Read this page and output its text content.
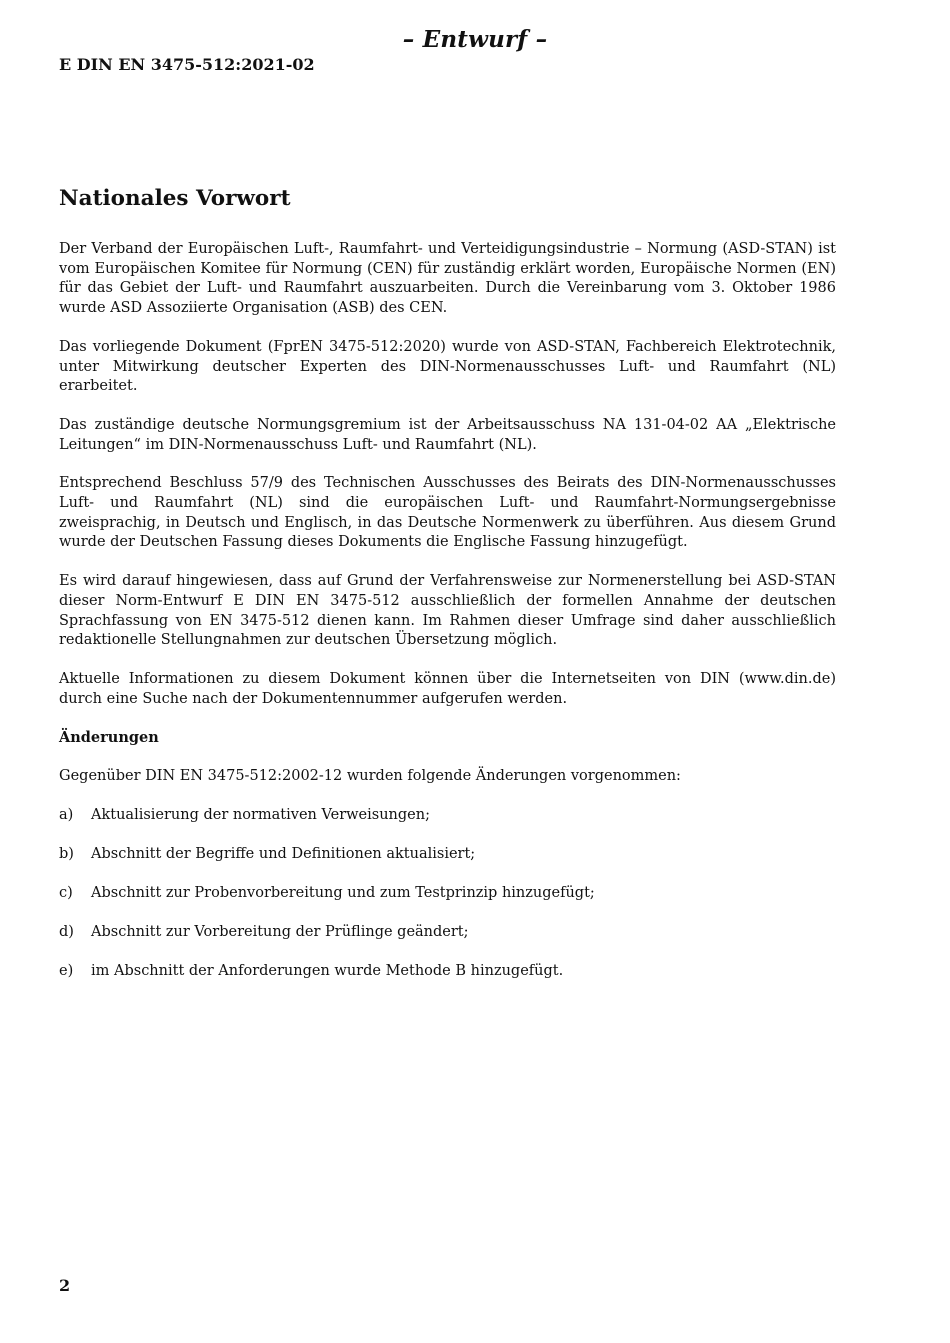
– Entwurf –
E DIN EN 3475-512:2021-02
Nationales Vorwort

Der Verband der Europäischen Luft-, Raumfahrt- und Verteidigungsindustrie – Normung (ASD-STAN) ist vom Europäischen Komitee für Normung (CEN) für zuständig erklärt worden, Europäische Normen (EN) für das Gebiet der Luft- und Raumfahrt auszuarbeiten. Durch die Vereinbarung vom 3. Oktober 1986 wurde ASD Assoziierte Organisation (ASB) des CEN.

Das vorliegende Dokument (FprEN 3475-512:2020) wurde von ASD-STAN, Fachbereich Elektrotechnik, unter Mitwirkung deutscher Experten des DIN-Normenausschusses Luft- und Raumfahrt (NL) erarbeitet.

Das zuständige deutsche Normungsgremium ist der Arbeitsausschuss NA 131-04-02 AA „Elektrische Leitungen“ im DIN-Normenausschuss Luft- und Raumfahrt (NL).

Entsprechend Beschluss 57/9 des Technischen Ausschusses des Beirats des DIN-Normenausschusses Luft- und Raumfahrt (NL) sind die europäischen Luft- und Raumfahrt-Normungsergebnisse zweisprachig, in Deutsch und Englisch, in das Deutsche Normenwerk zu überführen. Aus diesem Grund wurde der Deutschen Fassung dieses Dokuments die Englische Fassung hinzugefügt.

Es wird darauf hingewiesen, dass auf Grund der Verfahrensweise zur Normenerstellung bei ASD-STAN dieser Norm-Entwurf E DIN EN 3475-512 ausschließlich der formellen Annahme der deutschen Sprachfassung von EN 3475-512 dienen kann. Im Rahmen dieser Umfrage sind daher ausschließlich redaktionelle Stellungnahmen zur deutschen Übersetzung möglich.

Aktuelle Informationen zu diesem Dokument können über die Internetseiten von DIN (www.din.de) durch eine Suche nach der Dokumentennummer aufgerufen werden.

Änderungen

Gegenüber DIN EN 3475-512:2002-12 wurden folgende Änderungen vorgenommen:

a)	Aktualisierung der normativen Verweisungen;
b)	Abschnitt der Begriffe und Definitionen aktualisiert;
c)	Abschnitt zur Probenvorbereitung und zum Testprinzip hinzugefügt;
d)	Abschnitt zur Vorbereitung der Prüflinge geändert;
e)	im Abschnitt der Anforderungen wurde Methode B hinzugefügt.
2
